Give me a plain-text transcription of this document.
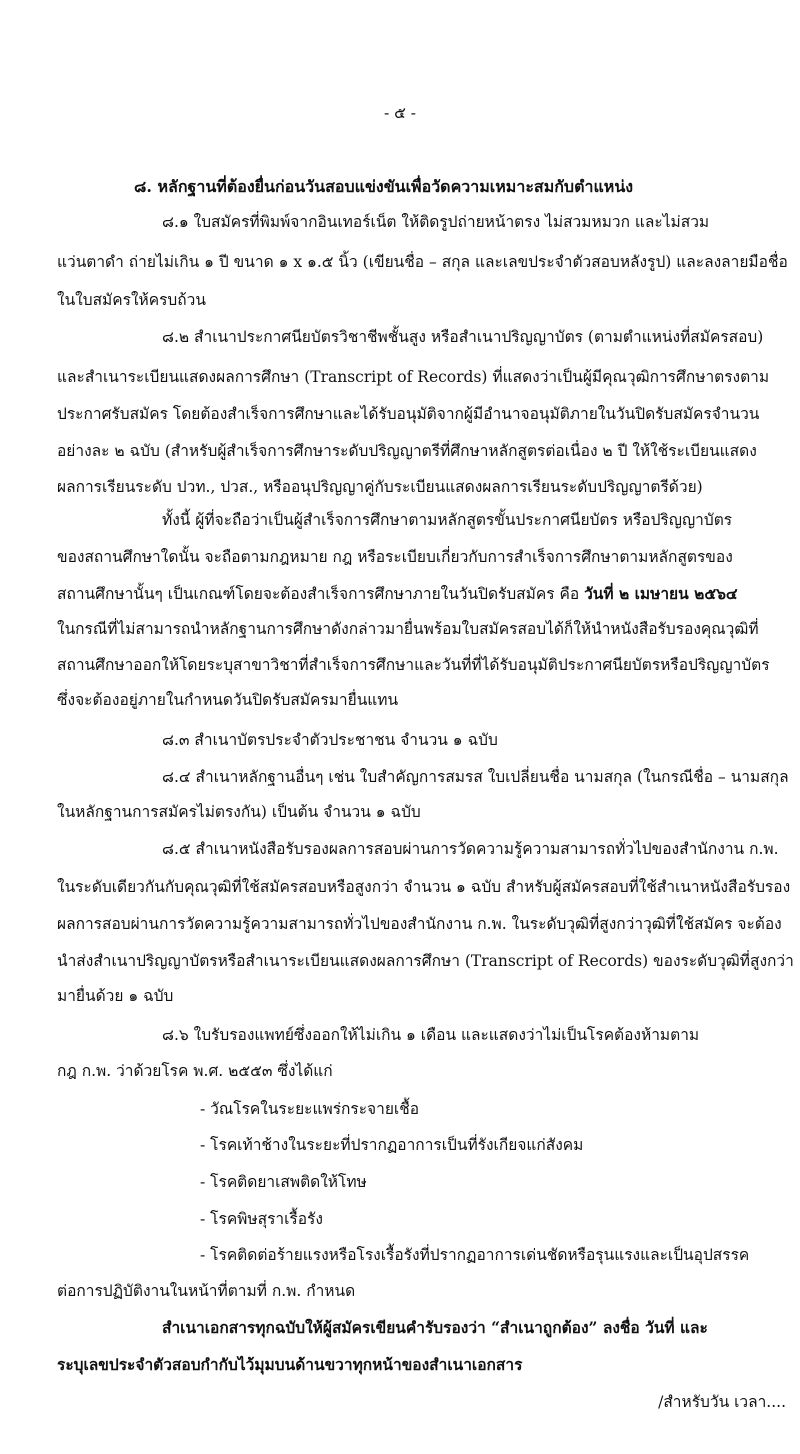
- ๕ -
๘. หลักฐานที่ต้องยื่นก่อนวันสอบแข่งขันเพื่อวัดความเหมาะสมกับตำแหน่ง
๘.๑ ใบสมัครที่พิมพ์จากอินเทอร์เน็ต ให้ติดรูปถ่ายหน้าตรง ไม่สวมหมวก และไม่สวม
แว่นตาดำ ถ่ายไม่เกิน ๑ ปี ขนาด ๑ x ๑.๕ นิ้ว (เขียนชื่อ – สกุล และเลขประจำตัวสอบหลังรูป) และลงลายมือชื่อ
ในใบสมัครให้ครบถ้วน
๘.๒ สำเนาประกาศนียบัตรวิชาชีพชั้นสูง หรือสำเนาปริญญาบัตร (ตามตำแหน่งที่สมัครสอบ)
และสำเนาระเบียนแสดงผลการศึกษา (Transcript of Records) ที่แสดงว่าเป็นผู้มีคุณวุฒิการศึกษาตรงตาม
ประกาศรับสมัคร โดยต้องสำเร็จการศึกษาและได้รับอนุมัติจากผู้มีอำนาจอนุมัติภายในวันปิดรับสมัครจำนวน
อย่างละ ๒ ฉบับ (สำหรับผู้สำเร็จการศึกษาระดับปริญญาตรีที่ศึกษาหลักสูตรต่อเนื่อง ๒ ปี ให้ใช้ระเบียนแสดง
ผลการเรียนระดับ ปวท., ปวส., หรืออนุปริญญาคู่กับระเบียนแสดงผลการเรียนระดับปริญญาตรีด้วย)
ทั้งนี้ ผู้ที่จะถือว่าเป็นผู้สำเร็จการศึกษาตามหลักสูตรขั้นประกาศนียบัตร หรือปริญญาบัตร
ของสถานศึกษาใดนั้น จะถือตามกฎหมาย กฎ หรือระเบียบเกี่ยวกับการสำเร็จการศึกษาตามหลักสูตรของ
สถานศึกษานั้นๆ เป็นเกณฑ์โดยจะต้องสำเร็จการศึกษาภายในวันปิดรับสมัคร คือ วันที่ ๒ เมษายน ๒๕๖๔
ในกรณีที่ไม่สามารถนำหลักฐานการศึกษาดังกล่าวมายื่นพร้อมใบสมัครสอบได้ก็ให้นำหนังสือรับรองคุณวุฒิที่
สถานศึกษาออกให้โดยระบุสาขาวิชาที่สำเร็จการศึกษาและวันที่ที่ได้รับอนุมัติประกาศนียบัตรหรือปริญญาบัตร
ซึ่งจะต้องอยู่ภายในกำหนดวันปิดรับสมัครมายื่นแทน
๘.๓ สำเนาบัตรประจำตัวประชาชน จำนวน ๑ ฉบับ
๘.๔ สำเนาหลักฐานอื่นๆ เช่น ใบสำคัญการสมรส ใบเปลี่ยนชื่อ นามสกุล (ในกรณีชื่อ – นามสกุล
ในหลักฐานการสมัครไม่ตรงกัน) เป็นต้น จำนวน ๑ ฉบับ
๘.๕ สำเนาหนังสือรับรองผลการสอบผ่านการวัดความรู้ความสามารถทั่วไปของสำนักงาน ก.พ.
ในระดับเดียวกันกับคุณวุฒิที่ใช้สมัครสอบหรือสูงกว่า จำนวน ๑ ฉบับ สำหรับผู้สมัครสอบที่ใช้สำเนาหนังสือรับรอง
ผลการสอบผ่านการวัดความรู้ความสามารถทั่วไปของสำนักงาน ก.พ. ในระดับวุฒิที่สูงกว่าวุฒิที่ใช้สมัคร จะต้อง
นำส่งสำเนาปริญญาบัตรหรือสำเนาระเบียนแสดงผลการศึกษา (Transcript of Records) ของระดับวุฒิที่สูงกว่า
มายื่นด้วย ๑ ฉบับ
๘.๖ ใบรับรองแพทย์ซึ่งออกให้ไม่เกิน ๑ เดือน และแสดงว่าไม่เป็นโรคต้องห้ามตาม
กฎ ก.พ. ว่าด้วยโรค พ.ศ. ๒๕๕๓ ซึ่งได้แก่
- วัณโรคในระยะแพร่กระจายเชื้อ
- โรคเท้าช้างในระยะที่ปรากฏอาการเป็นที่รังเกียจแก่สังคม
- โรคติดยาเสพติดให้โทษ
- โรคพิษสุราเรื้อรัง
- โรคติดต่อร้ายแรงหรือโรงเรื้อรังที่ปรากฏอาการเด่นชัดหรือรุนแรงและเป็นอุปสรรค
ต่อการปฏิบัติงานในหน้าที่ตามที่ ก.พ. กำหนด
สำเนาเอกสารทุกฉบับให้ผู้สมัครเขียนคำรับรองว่า “สำเนาถูกต้อง” ลงชื่อ วันที่ และ
ระบุเลขประจำตัวสอบกำกับไว้มุมบนด้านขวาทุกหน้าของสำเนาเอกสาร
/สำหรับวัน เวลา....
